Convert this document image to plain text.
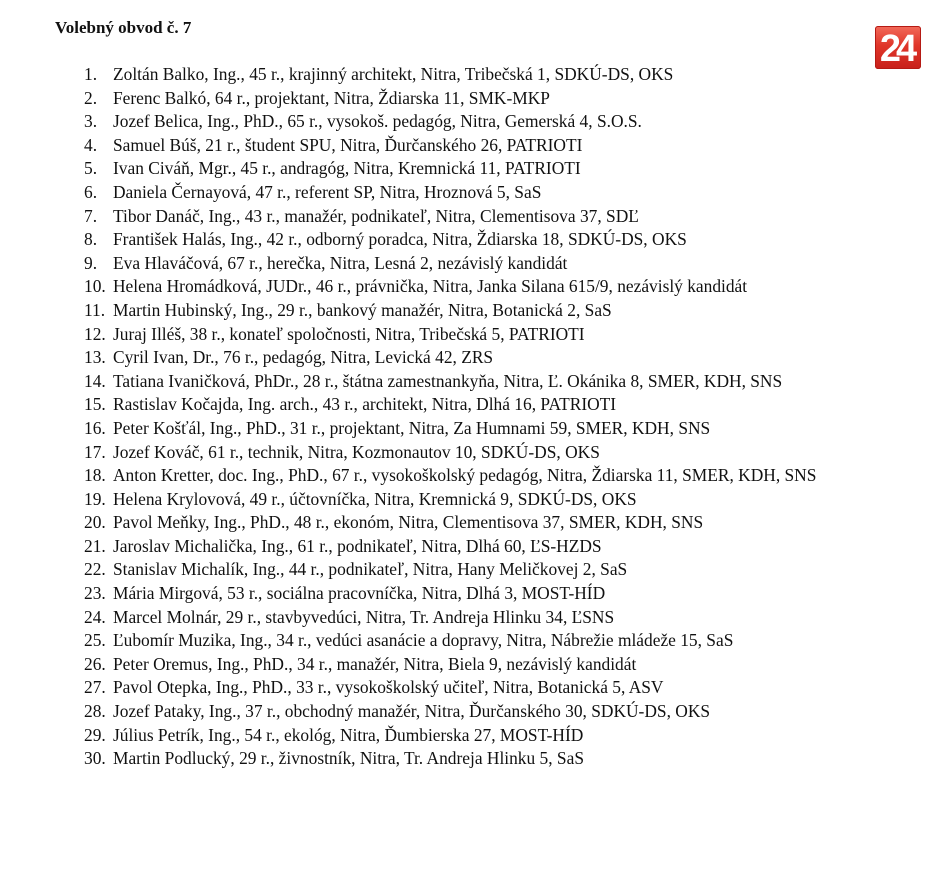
Volebný obvod č. 7	24
1. Zoltán Balko, Ing., 45 r., krajinný architekt, Nitra, Tribečská 1, SDKÚ-DS, OKS
2. Ferenc Balkó, 64 r., projektant, Nitra, Ždiarska 11, SMK-MKP
3. Jozef Belica, Ing., PhD., 65 r., vysokoš. pedagóg, Nitra, Gemerská 4, S.O.S.
4. Samuel Búš, 21 r., študent SPU, Nitra, Ďurčanského 26, PATRIOTI
5. Ivan Civáň, Mgr., 45 r., andragóg, Nitra, Kremnická 11, PATRIOTI
6. Daniela Černayová, 47 r., referent SP, Nitra, Hroznová 5, SaS
7. Tibor Danáč, Ing., 43 r., manažér, podnikateľ, Nitra, Clementisova 37, SDĽ
8. František Halás, Ing., 42 r., odborný poradca, Nitra, Ždiarska 18, SDKÚ-DS, OKS
9. Eva Hlaváčová, 67 r., herečka, Nitra, Lesná 2, nezávislý kandidát
10. Helena Hromádková, JUDr., 46 r., právnička, Nitra, Janka Silana 615/9, nezávislý kandidát
11. Martin Hubinský, Ing., 29 r., bankový manažér, Nitra, Botanická 2, SaS
12. Juraj Illéš, 38 r., konateľ spoločnosti, Nitra, Tribečská 5, PATRIOTI
13. Cyril Ivan, Dr., 76 r., pedagóg, Nitra, Levická 42, ZRS
14. Tatiana Ivaničková, PhDr., 28 r., štátna zamestnankyňa, Nitra, Ľ. Okánika 8, SMER, KDH, SNS
15. Rastislav Kočajda, Ing. arch., 43 r., architekt, Nitra, Dlhá 16, PATRIOTI
16. Peter Košťál, Ing., PhD., 31 r., projektant, Nitra, Za Humnami 59, SMER, KDH, SNS
17. Jozef Kováč, 61 r., technik, Nitra, Kozmonautov 10, SDKÚ-DS, OKS
18. Anton Kretter, doc. Ing., PhD., 67 r., vysokoškolský pedagóg, Nitra, Ždiarska 11, SMER, KDH, SNS
19. Helena Krylovová, 49 r., účtovníčka, Nitra, Kremnická 9, SDKÚ-DS, OKS
20. Pavol Meňky, Ing., PhD., 48 r., ekonóm, Nitra, Clementisova 37, SMER, KDH, SNS
21. Jaroslav Michalička, Ing., 61 r., podnikateľ, Nitra, Dlhá 60, ĽS-HZDS
22. Stanislav Michalík, Ing., 44 r., podnikateľ, Nitra, Hany Meličkovej 2, SaS
23. Mária Mirgová, 53 r., sociálna pracovníčka, Nitra, Dlhá 3, MOST-HÍD
24. Marcel Molnár, 29 r., stavbyvedúci, Nitra, Tr. Andreja Hlinku 34, ĽSNS
25. Ľubomír Muzika, Ing., 34 r., vedúci asanácie a dopravy, Nitra, Nábrežie mládeže 15, SaS
26. Peter Oremus, Ing., PhD., 34 r., manažér, Nitra, Biela 9, nezávislý kandidát
27. Pavol Otepka, Ing., PhD., 33 r., vysokoškolský učiteľ, Nitra, Botanická 5, ASV
28. Jozef Pataky, Ing., 37 r., obchodný manažér, Nitra, Ďurčanského 30, SDKÚ-DS, OKS
29. Július Petrík, Ing., 54 r., ekológ, Nitra, Ďumbierska 27, MOST-HÍD
30. Martin Podlucký, 29 r., živnostník, Nitra, Tr. Andreja Hlinku 5, SaS
